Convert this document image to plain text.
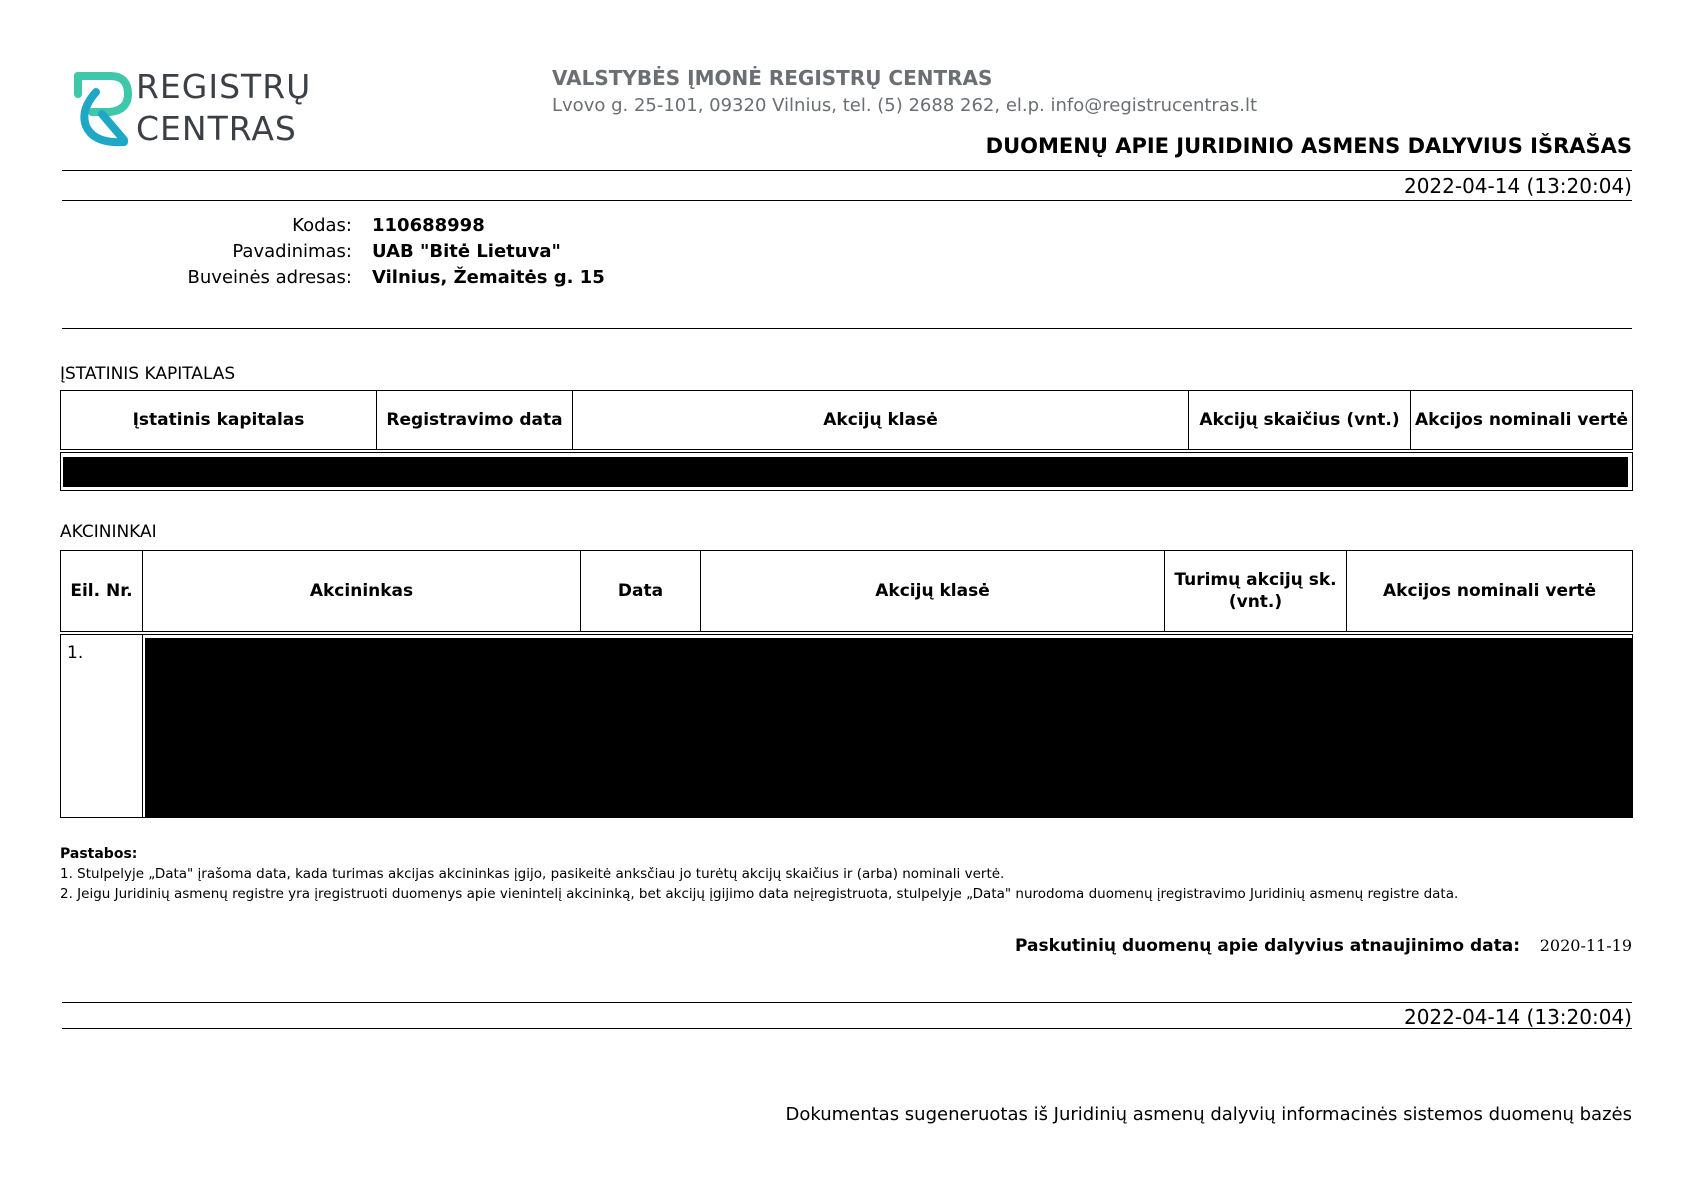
REGISTRŲ
CENTRAS
VALSTYBĖS ĮMONĖ REGISTRŲ CENTRAS
Lvovo g. 25-101, 09320 Vilnius, tel. (5) 2688 262, el.p. info@registrucentras.lt
DUOMENŲ APIE JURIDINIO ASMENS DALYVIUS IŠRAŠAS
2022-04-14 (13:20:04)
Kodas: 110688998
Pavadinimas: UAB "Bitė Lietuva"
Buveinės adresas: Vilnius, Žemaitės g. 15
ĮSTATINIS KAPITALAS
Įstatinis kapitalas	Registravimo data	Akcijų klasė	Akcijų skaičius (vnt.)	Akcijos nominali vertė

AKCININKAI
Eil. Nr.	Akcininkas	Data	Akcijų klasė	Turimų akcijų sk. (vnt.)	Akcijos nominali vertė
1.					
Pastabos:
1. Stulpelyje „Data" įrašoma data, kada turimas akcijas akcininkas įgijo, pasikeitė anksčiau jo turėtų akcijų skaičius ir (arba) nominali vertė.
2. Jeigu Juridinių asmenų registre yra įregistruoti duomenys apie vienintelį akcininką, bet akcijų įgijimo data neįregistruota, stulpelyje „Data" nurodoma duomenų įregistravimo Juridinių asmenų registre data.
Paskutinių duomenų apie dalyvius atnaujinimo data: 2020-11-19
2022-04-14 (13:20:04)
Dokumentas sugeneruotas iš Juridinių asmenų dalyvių informacinės sistemos duomenų bazės
